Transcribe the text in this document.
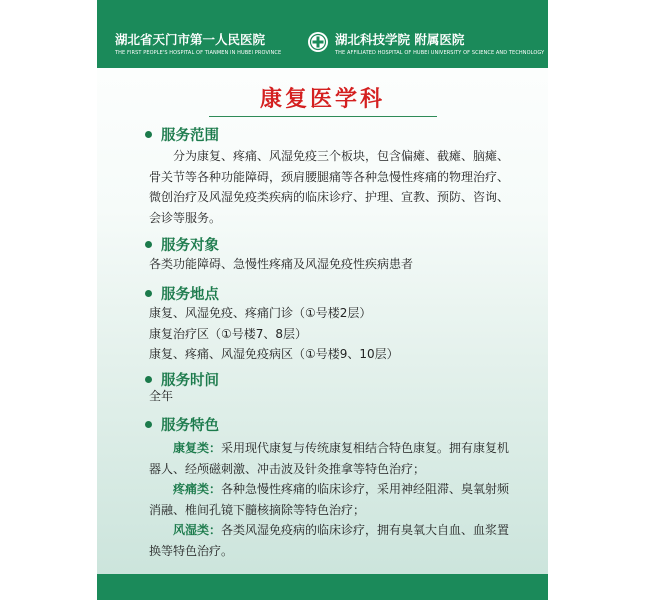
湖北省天门市第一人民医院
THE FIRST PEOPLE'S HOSPITAL OF TIANMEN IN HUBEI PROVINCE
湖北科技学院 附属医院
THE AFFILIATED HOSPITAL OF HUBEI UNIVERSITY OF SCIENCE AND TECHNOLOGY
康复医学科
服务范围

分为康复、疼痛、风湿免疫三个板块，包含偏瘫、截瘫、脑瘫、骨关节等各种功能障碍，颈肩腰腿痛等各种急慢性疼痛的物理治疗、微创治疗及风湿免疫类疾病的临床诊疗、护理、宣教、预防、咨询、会诊等服务。

服务对象

各类功能障碍、急慢性疼痛及风湿免疫性疾病患者

服务地点

康复、风湿免疫、疼痛门诊（①号楼2层）

康复治疗区（①号楼7、8层）

康复、疼痛、风湿免疫病区（①号楼9、10层）

服务时间

全年

服务特色

康复类：采用现代康复与传统康复相结合特色康复。拥有康复机器人、经颅磁刺激、冲击波及针灸推拿等特色治疗；

疼痛类：各种急慢性疼痛的临床诊疗，采用神经阻滞、臭氧射频消融、椎间孔镜下髓核摘除等特色治疗；

风湿类：各类风湿免疫病的临床诊疗，拥有臭氧大自血、血浆置换等特色治疗。
